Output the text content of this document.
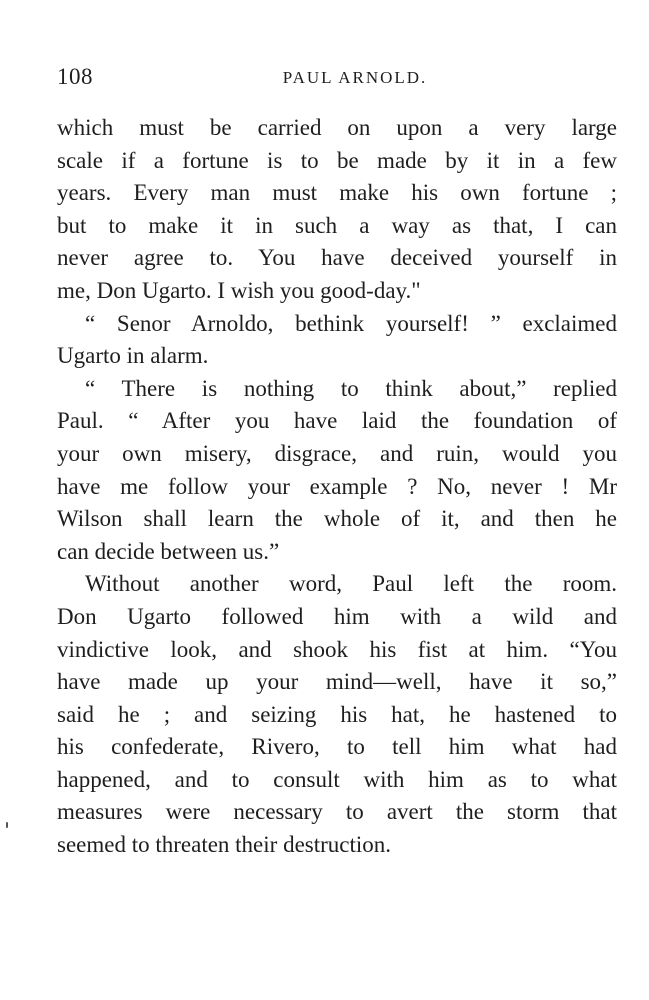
108	PAUL ARNOLD.
which must be carried on upon a very large
scale if a fortune is to be made by it in a few
years. Every man must make his own fortune ;
but to make it in such a way as that, I can
never agree to. You have deceived yourself in
me, Don Ugarto. I wish you good-day."
“ Senor Arnoldo, bethink yourself! ” exclaimed
Ugarto in alarm.
“ There is nothing to think about,” replied
Paul. “ After you have laid the foundation of
your own misery, disgrace, and ruin, would you
have me follow your example ? No, never ! Mr
Wilson shall learn the whole of it, and then he
can decide between us.”
Without another word, Paul left the room.
Don Ugarto followed him with a wild and
vindictive look, and shook his fist at him. “You
have made up your mind—well, have it so,”
said he ; and seizing his hat, he hastened to
his confederate, Rivero, to tell him what had
happened, and to consult with him as to what
measures were necessary to avert the storm that
seemed to threaten their destruction.
